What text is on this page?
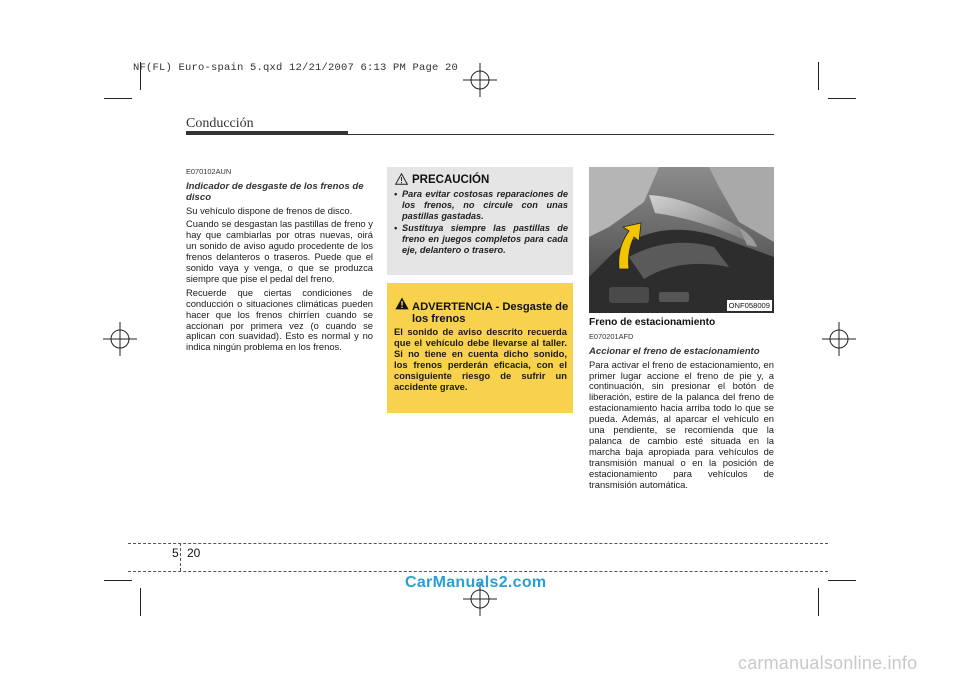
NF(FL) Euro-spain 5.qxd 12/21/2007 6:13 PM Page 20
Conducción
E070102AUN
Indicador de desgaste de los frenos de disco
Su vehículo dispone de frenos de disco.
Cuando se desgastan las pastillas de freno y hay que cambiarlas por otras nuevas, oirá un sonido de aviso agudo procedente de los frenos delanteros o traseros. Puede que el sonido vaya y venga, o que se produzca siempre que pise el pedal del freno.
Recuerde que ciertas condiciones de conducción o situaciones climáticas pueden hacer que los frenos chirríen cuando se accionan por primera vez (o cuando se aplican con suavidad). Esto es normal y no indica ningún problema en los frenos.
PRECAUCIÓN
• Para evitar costosas reparaciones de los frenos, no circule con unas pastillas gastadas.
• Sustituya siempre las pastillas de freno en juegos completos para cada eje, delantero o trasero.
ADVERTENCIA - Desgaste de los frenos
El sonido de aviso descrito recuerda que el vehículo debe llevarse al taller. Si no tiene en cuenta dicho sonido, los frenos perderán eficacia, con el consiguiente riesgo de sufrir un accidente grave.
ONF058009
Freno de estacionamiento
E070201AFD
Accionar el freno de estacionamiento
Para activar el freno de estacionamiento, en primer lugar accione el freno de pie y, a continuación, sin presionar el botón de liberación, estire de la palanca del freno de estacionamiento hacia arriba todo lo que se pueda. Además, al aparcar el vehículo en una pendiente, se recomienda que la palanca de cambio esté situada en la marcha baja apropiada para vehículos de transmisión manual o en la posición de estacionamiento para vehículos de transmisión automática.
5 20
CarManuals2.com
carmanualsonline.info
